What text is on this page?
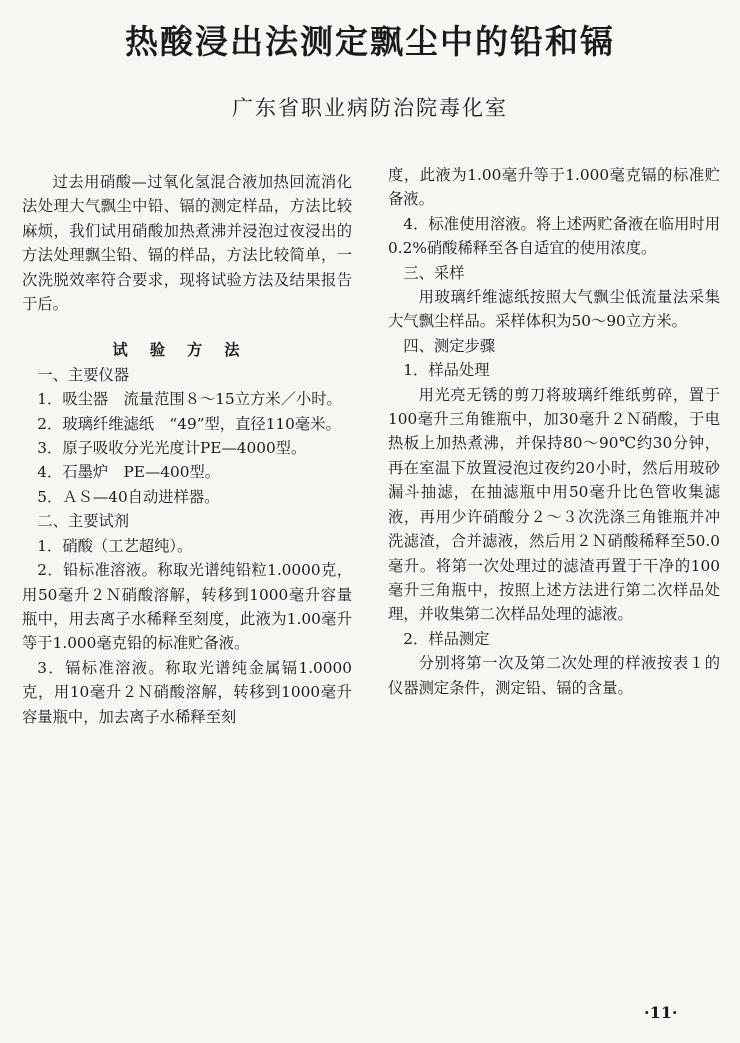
热酸浸出法测定飘尘中的铅和镉
广东省职业病防治院毒化室

过去用硝酸—过氧化氢混合液加热回流消化法处理大气飘尘中铅、镉的测定样品，方法比较麻烦，我们试用硝酸加热煮沸并浸泡过夜浸出的方法处理飘尘铅、镉的样品，方法比较简单，一次洗脱效率符合要求，现将试验方法及结果报告于后。

试验方法

一、主要仪器

1．吸尘器　流量范围８～15立方米／小时。

2．玻璃纤维滤纸　“49”型，直径110毫米。

3．原子吸收分光光度计PE—4000型。

4．石墨炉　PE—400型。

5．ＡＳ—40自动进样器。

二、主要试剂

1．硝酸（工艺超纯）。

2．铅标准溶液。称取光谱纯铅粒1.0000克，用50毫升２Ｎ硝酸溶解，转移到1000毫升容量瓶中，用去离子水稀释至刻度，此液为1.00毫升等于1.000毫克铅的标准贮备液。

3．镉标准溶液。称取光谱纯金属镉1.0000克，用10毫升２Ｎ硝酸溶解，转移到1000毫升容量瓶中，加去离子水稀释至刻

度，此液为1.00毫升等于1.000毫克镉的标准贮备液。

4．标准使用溶液。将上述两贮备液在临用时用0.2%硝酸稀释至各自适宜的使用浓度。

三、采样

用玻璃纤维滤纸按照大气飘尘低流量法采集大气飘尘样品。采样体积为50～90立方米。

四、测定步骤

1．样品处理

用光亮无锈的剪刀将玻璃纤维纸剪碎，置于100毫升三角锥瓶中，加30毫升２Ｎ硝酸，于电热板上加热煮沸，并保持80～90℃约30分钟，再在室温下放置浸泡过夜约20小时，然后用玻砂漏斗抽滤，在抽滤瓶中用50毫升比色管收集滤液，再用少许硝酸分２～３次洗涤三角锥瓶并冲洗滤渣，合并滤液，然后用２Ｎ硝酸稀释至50.0毫升。将第一次处理过的滤渣再置于干净的100毫升三角瓶中，按照上述方法进行第二次样品处理，并收集第二次样品处理的滤液。

2．样品测定

分别将第一次及第二次处理的样液按表１的仪器测定条件，测定铅、镉的含量。

·11·
